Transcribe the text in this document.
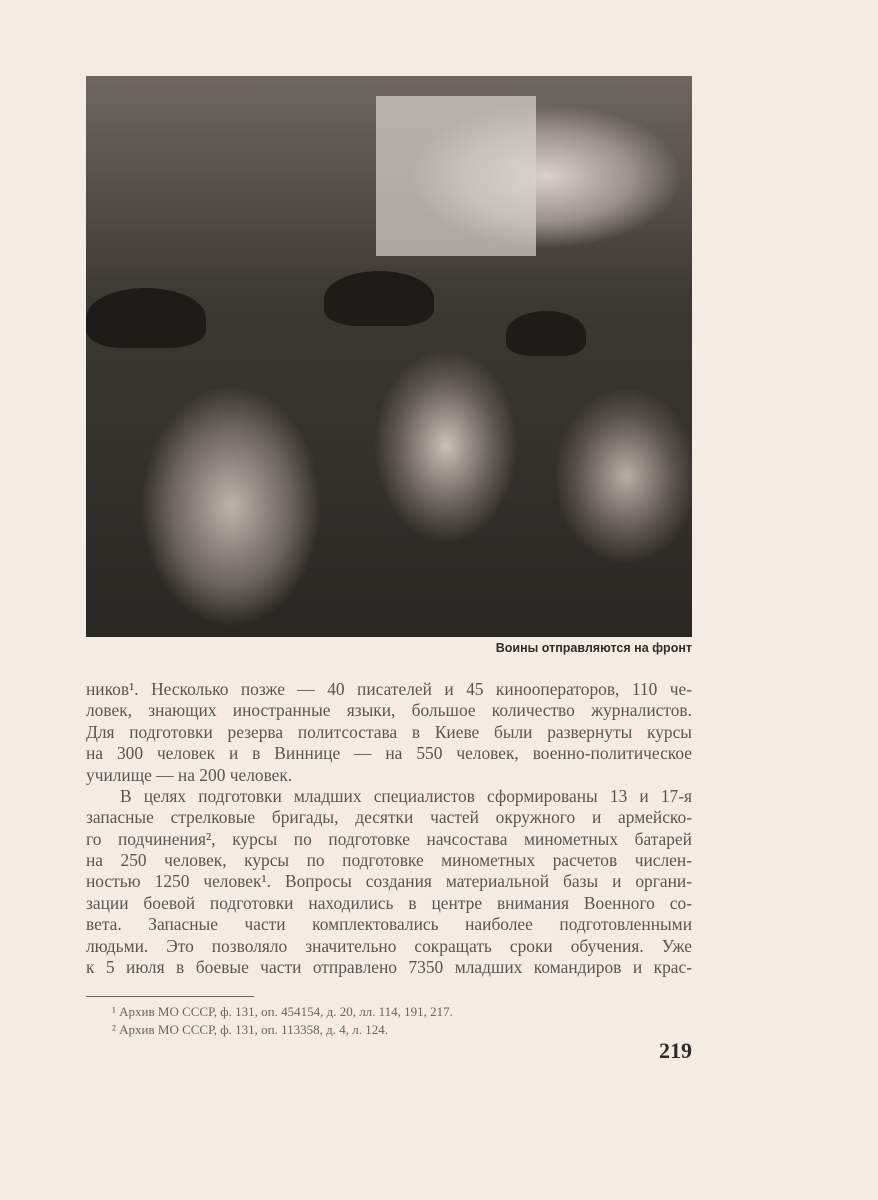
Воины отправляются на фронт
ников¹. Несколько позже — 40 писателей и 45 кинооператоров, 110 че-
ловек, знающих иностранные языки, большое количество журналистов.
Для подготовки резерва политсостава в Киеве были развернуты курсы
на 300 человек и в Виннице — на 550 человек, военно-политическое
училище — на 200 человек.
В целях подготовки младших специалистов сформированы 13 и 17-я
запасные стрелковые бригады, десятки частей окружного и армейско-
го подчинения², курсы по подготовке начсостава минометных батарей
на 250 человек, курсы по подготовке минометных расчетов числен-
ностью 1250 человек¹. Вопросы создания материальной базы и органи-
зации боевой подготовки находились в центре внимания Военного со-
вета. Запасные части комплектовались наиболее подготовленными
людьми. Это позволяло значительно сокращать сроки обучения. Уже
к 5 июля в боевые части отправлено 7350 младших командиров и крас-
¹ Архив МО СССР, ф. 131, оп. 454154, д. 20, лл. 114, 191, 217.
² Архив МО СССР, ф. 131, оп. 113358, д. 4, л. 124.
219
